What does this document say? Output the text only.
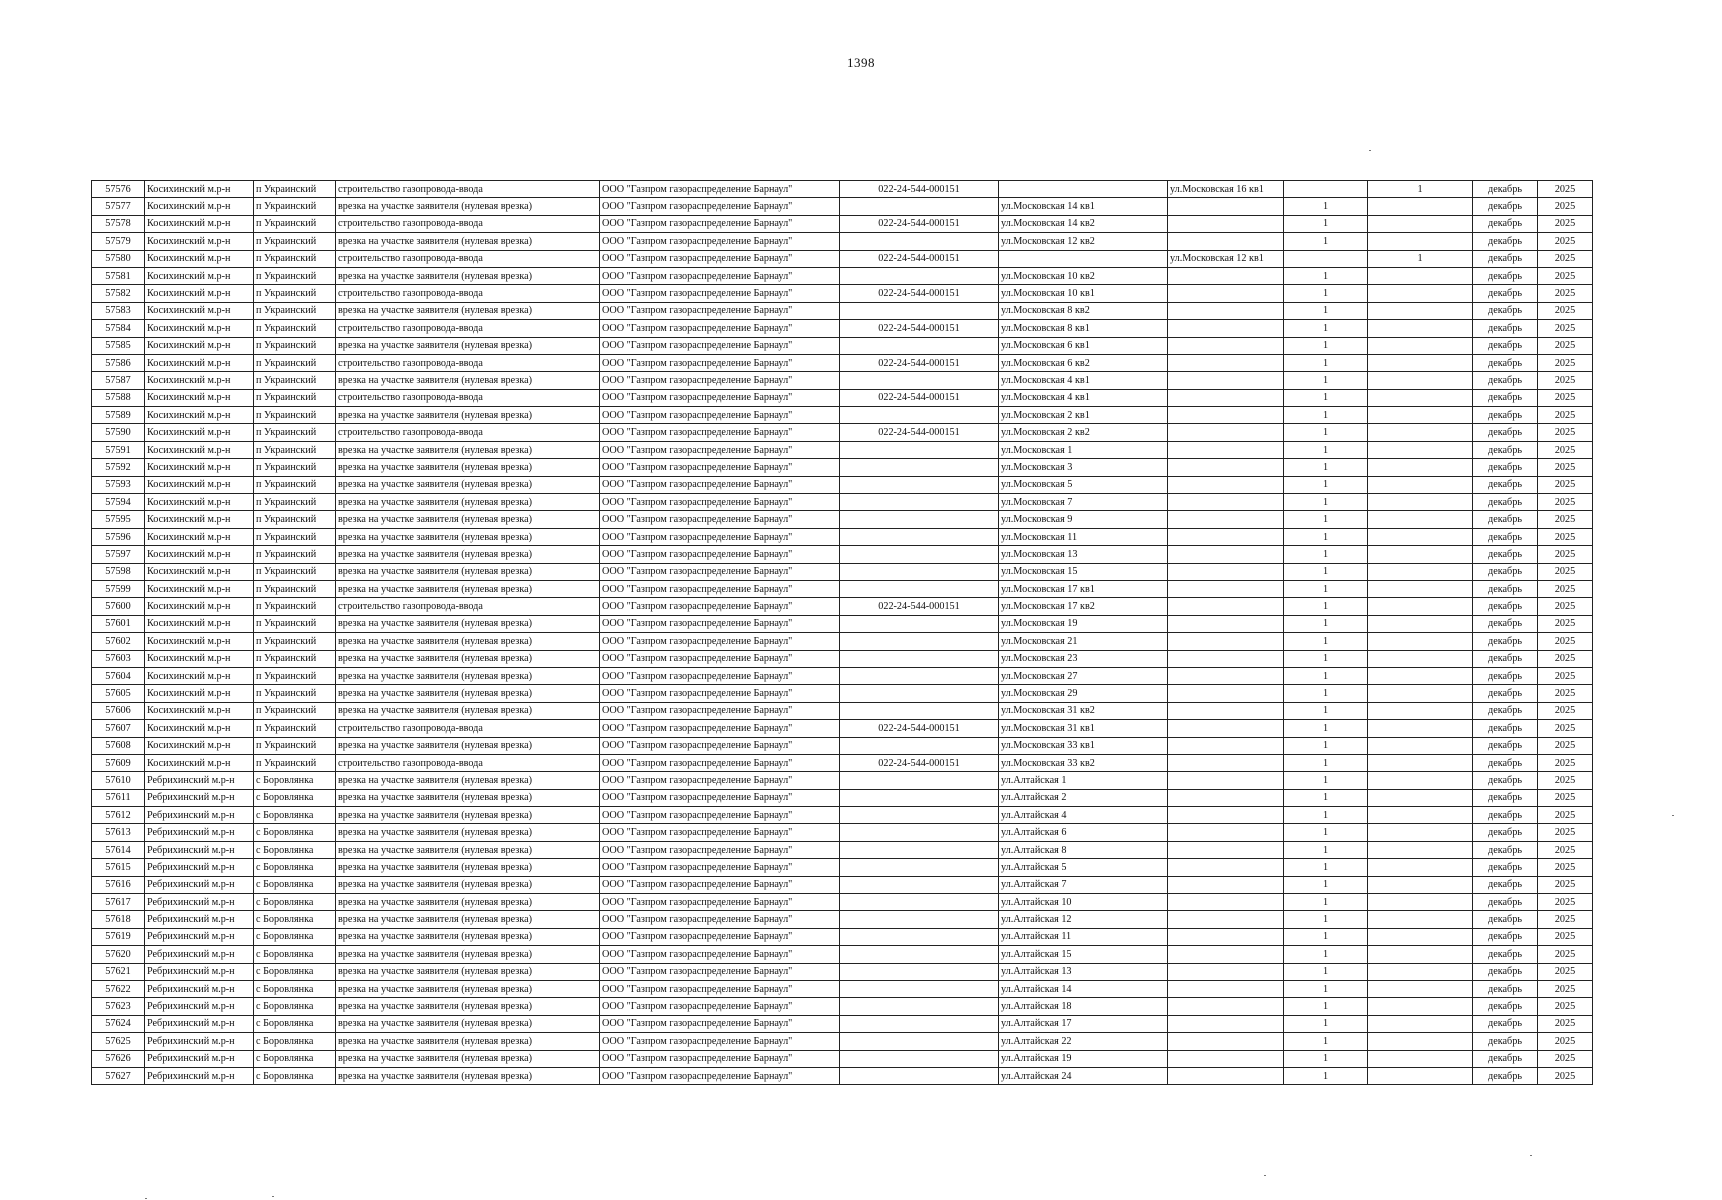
1398
57576	Косихинский м.р-н	п Украинский	строительство газопровода-ввода	ООО "Газпром газораспределение Барнаул"	022-24-544-000151		ул.Московская 16 кв1		1	декабрь	2025
57577	Косихинский м.р-н	п Украинский	врезка на участке заявителя (нулевая врезка)	ООО "Газпром газораспределение Барнаул"		ул.Московская 14 кв1		1		декабрь	2025
57578	Косихинский м.р-н	п Украинский	строительство газопровода-ввода	ООО "Газпром газораспределение Барнаул"	022-24-544-000151	ул.Московская 14 кв2		1		декабрь	2025
57579	Косихинский м.р-н	п Украинский	врезка на участке заявителя (нулевая врезка)	ООО "Газпром газораспределение Барнаул"		ул.Московская 12 кв2		1		декабрь	2025
57580	Косихинский м.р-н	п Украинский	строительство газопровода-ввода	ООО "Газпром газораспределение Барнаул"	022-24-544-000151		ул.Московская 12 кв1		1	декабрь	2025
57581	Косихинский м.р-н	п Украинский	врезка на участке заявителя (нулевая врезка)	ООО "Газпром газораспределение Барнаул"		ул.Московская 10 кв2		1		декабрь	2025
57582	Косихинский м.р-н	п Украинский	строительство газопровода-ввода	ООО "Газпром газораспределение Барнаул"	022-24-544-000151	ул.Московская 10 кв1		1		декабрь	2025
57583	Косихинский м.р-н	п Украинский	врезка на участке заявителя (нулевая врезка)	ООО "Газпром газораспределение Барнаул"		ул.Московская 8 кв2		1		декабрь	2025
57584	Косихинский м.р-н	п Украинский	строительство газопровода-ввода	ООО "Газпром газораспределение Барнаул"	022-24-544-000151	ул.Московская 8 кв1		1		декабрь	2025
57585	Косихинский м.р-н	п Украинский	врезка на участке заявителя (нулевая врезка)	ООО "Газпром газораспределение Барнаул"		ул.Московская 6 кв1		1		декабрь	2025
57586	Косихинский м.р-н	п Украинский	строительство газопровода-ввода	ООО "Газпром газораспределение Барнаул"	022-24-544-000151	ул.Московская 6 кв2		1		декабрь	2025
57587	Косихинский м.р-н	п Украинский	врезка на участке заявителя (нулевая врезка)	ООО "Газпром газораспределение Барнаул"		ул.Московская 4 кв1		1		декабрь	2025
57588	Косихинский м.р-н	п Украинский	строительство газопровода-ввода	ООО "Газпром газораспределение Барнаул"	022-24-544-000151	ул.Московская 4 кв1		1		декабрь	2025
57589	Косихинский м.р-н	п Украинский	врезка на участке заявителя (нулевая врезка)	ООО "Газпром газораспределение Барнаул"		ул.Московская 2 кв1		1		декабрь	2025
57590	Косихинский м.р-н	п Украинский	строительство газопровода-ввода	ООО "Газпром газораспределение Барнаул"	022-24-544-000151	ул.Московская 2 кв2		1		декабрь	2025
57591	Косихинский м.р-н	п Украинский	врезка на участке заявителя (нулевая врезка)	ООО "Газпром газораспределение Барнаул"		ул.Московская 1		1		декабрь	2025
57592	Косихинский м.р-н	п Украинский	врезка на участке заявителя (нулевая врезка)	ООО "Газпром газораспределение Барнаул"		ул.Московская 3		1		декабрь	2025
57593	Косихинский м.р-н	п Украинский	врезка на участке заявителя (нулевая врезка)	ООО "Газпром газораспределение Барнаул"		ул.Московская 5		1		декабрь	2025
57594	Косихинский м.р-н	п Украинский	врезка на участке заявителя (нулевая врезка)	ООО "Газпром газораспределение Барнаул"		ул.Московская 7		1		декабрь	2025
57595	Косихинский м.р-н	п Украинский	врезка на участке заявителя (нулевая врезка)	ООО "Газпром газораспределение Барнаул"		ул.Московская 9		1		декабрь	2025
57596	Косихинский м.р-н	п Украинский	врезка на участке заявителя (нулевая врезка)	ООО "Газпром газораспределение Барнаул"		ул.Московская 11		1		декабрь	2025
57597	Косихинский м.р-н	п Украинский	врезка на участке заявителя (нулевая врезка)	ООО "Газпром газораспределение Барнаул"		ул.Московская 13		1		декабрь	2025
57598	Косихинский м.р-н	п Украинский	врезка на участке заявителя (нулевая врезка)	ООО "Газпром газораспределение Барнаул"		ул.Московская 15		1		декабрь	2025
57599	Косихинский м.р-н	п Украинский	врезка на участке заявителя (нулевая врезка)	ООО "Газпром газораспределение Барнаул"		ул.Московская 17 кв1		1		декабрь	2025
57600	Косихинский м.р-н	п Украинский	строительство газопровода-ввода	ООО "Газпром газораспределение Барнаул"	022-24-544-000151	ул.Московская 17 кв2		1		декабрь	2025
57601	Косихинский м.р-н	п Украинский	врезка на участке заявителя (нулевая врезка)	ООО "Газпром газораспределение Барнаул"		ул.Московская 19		1		декабрь	2025
57602	Косихинский м.р-н	п Украинский	врезка на участке заявителя (нулевая врезка)	ООО "Газпром газораспределение Барнаул"		ул.Московская 21		1		декабрь	2025
57603	Косихинский м.р-н	п Украинский	врезка на участке заявителя (нулевая врезка)	ООО "Газпром газораспределение Барнаул"		ул.Московская 23		1		декабрь	2025
57604	Косихинский м.р-н	п Украинский	врезка на участке заявителя (нулевая врезка)	ООО "Газпром газораспределение Барнаул"		ул.Московская 27		1		декабрь	2025
57605	Косихинский м.р-н	п Украинский	врезка на участке заявителя (нулевая врезка)	ООО "Газпром газораспределение Барнаул"		ул.Московская 29		1		декабрь	2025
57606	Косихинский м.р-н	п Украинский	врезка на участке заявителя (нулевая врезка)	ООО "Газпром газораспределение Барнаул"		ул.Московская 31 кв2		1		декабрь	2025
57607	Косихинский м.р-н	п Украинский	строительство газопровода-ввода	ООО "Газпром газораспределение Барнаул"	022-24-544-000151	ул.Московская 31 кв1		1		декабрь	2025
57608	Косихинский м.р-н	п Украинский	врезка на участке заявителя (нулевая врезка)	ООО "Газпром газораспределение Барнаул"		ул.Московская 33 кв1		1		декабрь	2025
57609	Косихинский м.р-н	п Украинский	строительство газопровода-ввода	ООО "Газпром газораспределение Барнаул"	022-24-544-000151	ул.Московская 33 кв2		1		декабрь	2025
57610	Ребрихинский м.р-н	с Боровлянка	врезка на участке заявителя (нулевая врезка)	ООО "Газпром газораспределение Барнаул"		ул.Алтайская 1		1		декабрь	2025
57611	Ребрихинский м.р-н	с Боровлянка	врезка на участке заявителя (нулевая врезка)	ООО "Газпром газораспределение Барнаул"		ул.Алтайская 2		1		декабрь	2025
57612	Ребрихинский м.р-н	с Боровлянка	врезка на участке заявителя (нулевая врезка)	ООО "Газпром газораспределение Барнаул"		ул.Алтайская 4		1		декабрь	2025
57613	Ребрихинский м.р-н	с Боровлянка	врезка на участке заявителя (нулевая врезка)	ООО "Газпром газораспределение Барнаул"		ул.Алтайская 6		1		декабрь	2025
57614	Ребрихинский м.р-н	с Боровлянка	врезка на участке заявителя (нулевая врезка)	ООО "Газпром газораспределение Барнаул"		ул.Алтайская 8		1		декабрь	2025
57615	Ребрихинский м.р-н	с Боровлянка	врезка на участке заявителя (нулевая врезка)	ООО "Газпром газораспределение Барнаул"		ул.Алтайская 5		1		декабрь	2025
57616	Ребрихинский м.р-н	с Боровлянка	врезка на участке заявителя (нулевая врезка)	ООО "Газпром газораспределение Барнаул"		ул.Алтайская 7		1		декабрь	2025
57617	Ребрихинский м.р-н	с Боровлянка	врезка на участке заявителя (нулевая врезка)	ООО "Газпром газораспределение Барнаул"		ул.Алтайская 10		1		декабрь	2025
57618	Ребрихинский м.р-н	с Боровлянка	врезка на участке заявителя (нулевая врезка)	ООО "Газпром газораспределение Барнаул"		ул.Алтайская 12		1		декабрь	2025
57619	Ребрихинский м.р-н	с Боровлянка	врезка на участке заявителя (нулевая врезка)	ООО "Газпром газораспределение Барнаул"		ул.Алтайская 11		1		декабрь	2025
57620	Ребрихинский м.р-н	с Боровлянка	врезка на участке заявителя (нулевая врезка)	ООО "Газпром газораспределение Барнаул"		ул.Алтайская 15		1		декабрь	2025
57621	Ребрихинский м.р-н	с Боровлянка	врезка на участке заявителя (нулевая врезка)	ООО "Газпром газораспределение Барнаул"		ул.Алтайская 13		1		декабрь	2025
57622	Ребрихинский м.р-н	с Боровлянка	врезка на участке заявителя (нулевая врезка)	ООО "Газпром газораспределение Барнаул"		ул.Алтайская 14		1		декабрь	2025
57623	Ребрихинский м.р-н	с Боровлянка	врезка на участке заявителя (нулевая врезка)	ООО "Газпром газораспределение Барнаул"		ул.Алтайская 18		1		декабрь	2025
57624	Ребрихинский м.р-н	с Боровлянка	врезка на участке заявителя (нулевая врезка)	ООО "Газпром газораспределение Барнаул"		ул.Алтайская 17		1		декабрь	2025
57625	Ребрихинский м.р-н	с Боровлянка	врезка на участке заявителя (нулевая врезка)	ООО "Газпром газораспределение Барнаул"		ул.Алтайская 22		1		декабрь	2025
57626	Ребрихинский м.р-н	с Боровлянка	врезка на участке заявителя (нулевая врезка)	ООО "Газпром газораспределение Барнаул"		ул.Алтайская 19		1		декабрь	2025
57627	Ребрихинский м.р-н	с Боровлянка	врезка на участке заявителя (нулевая врезка)	ООО "Газпром газораспределение Барнаул"		ул.Алтайская 24		1		декабрь	2025
